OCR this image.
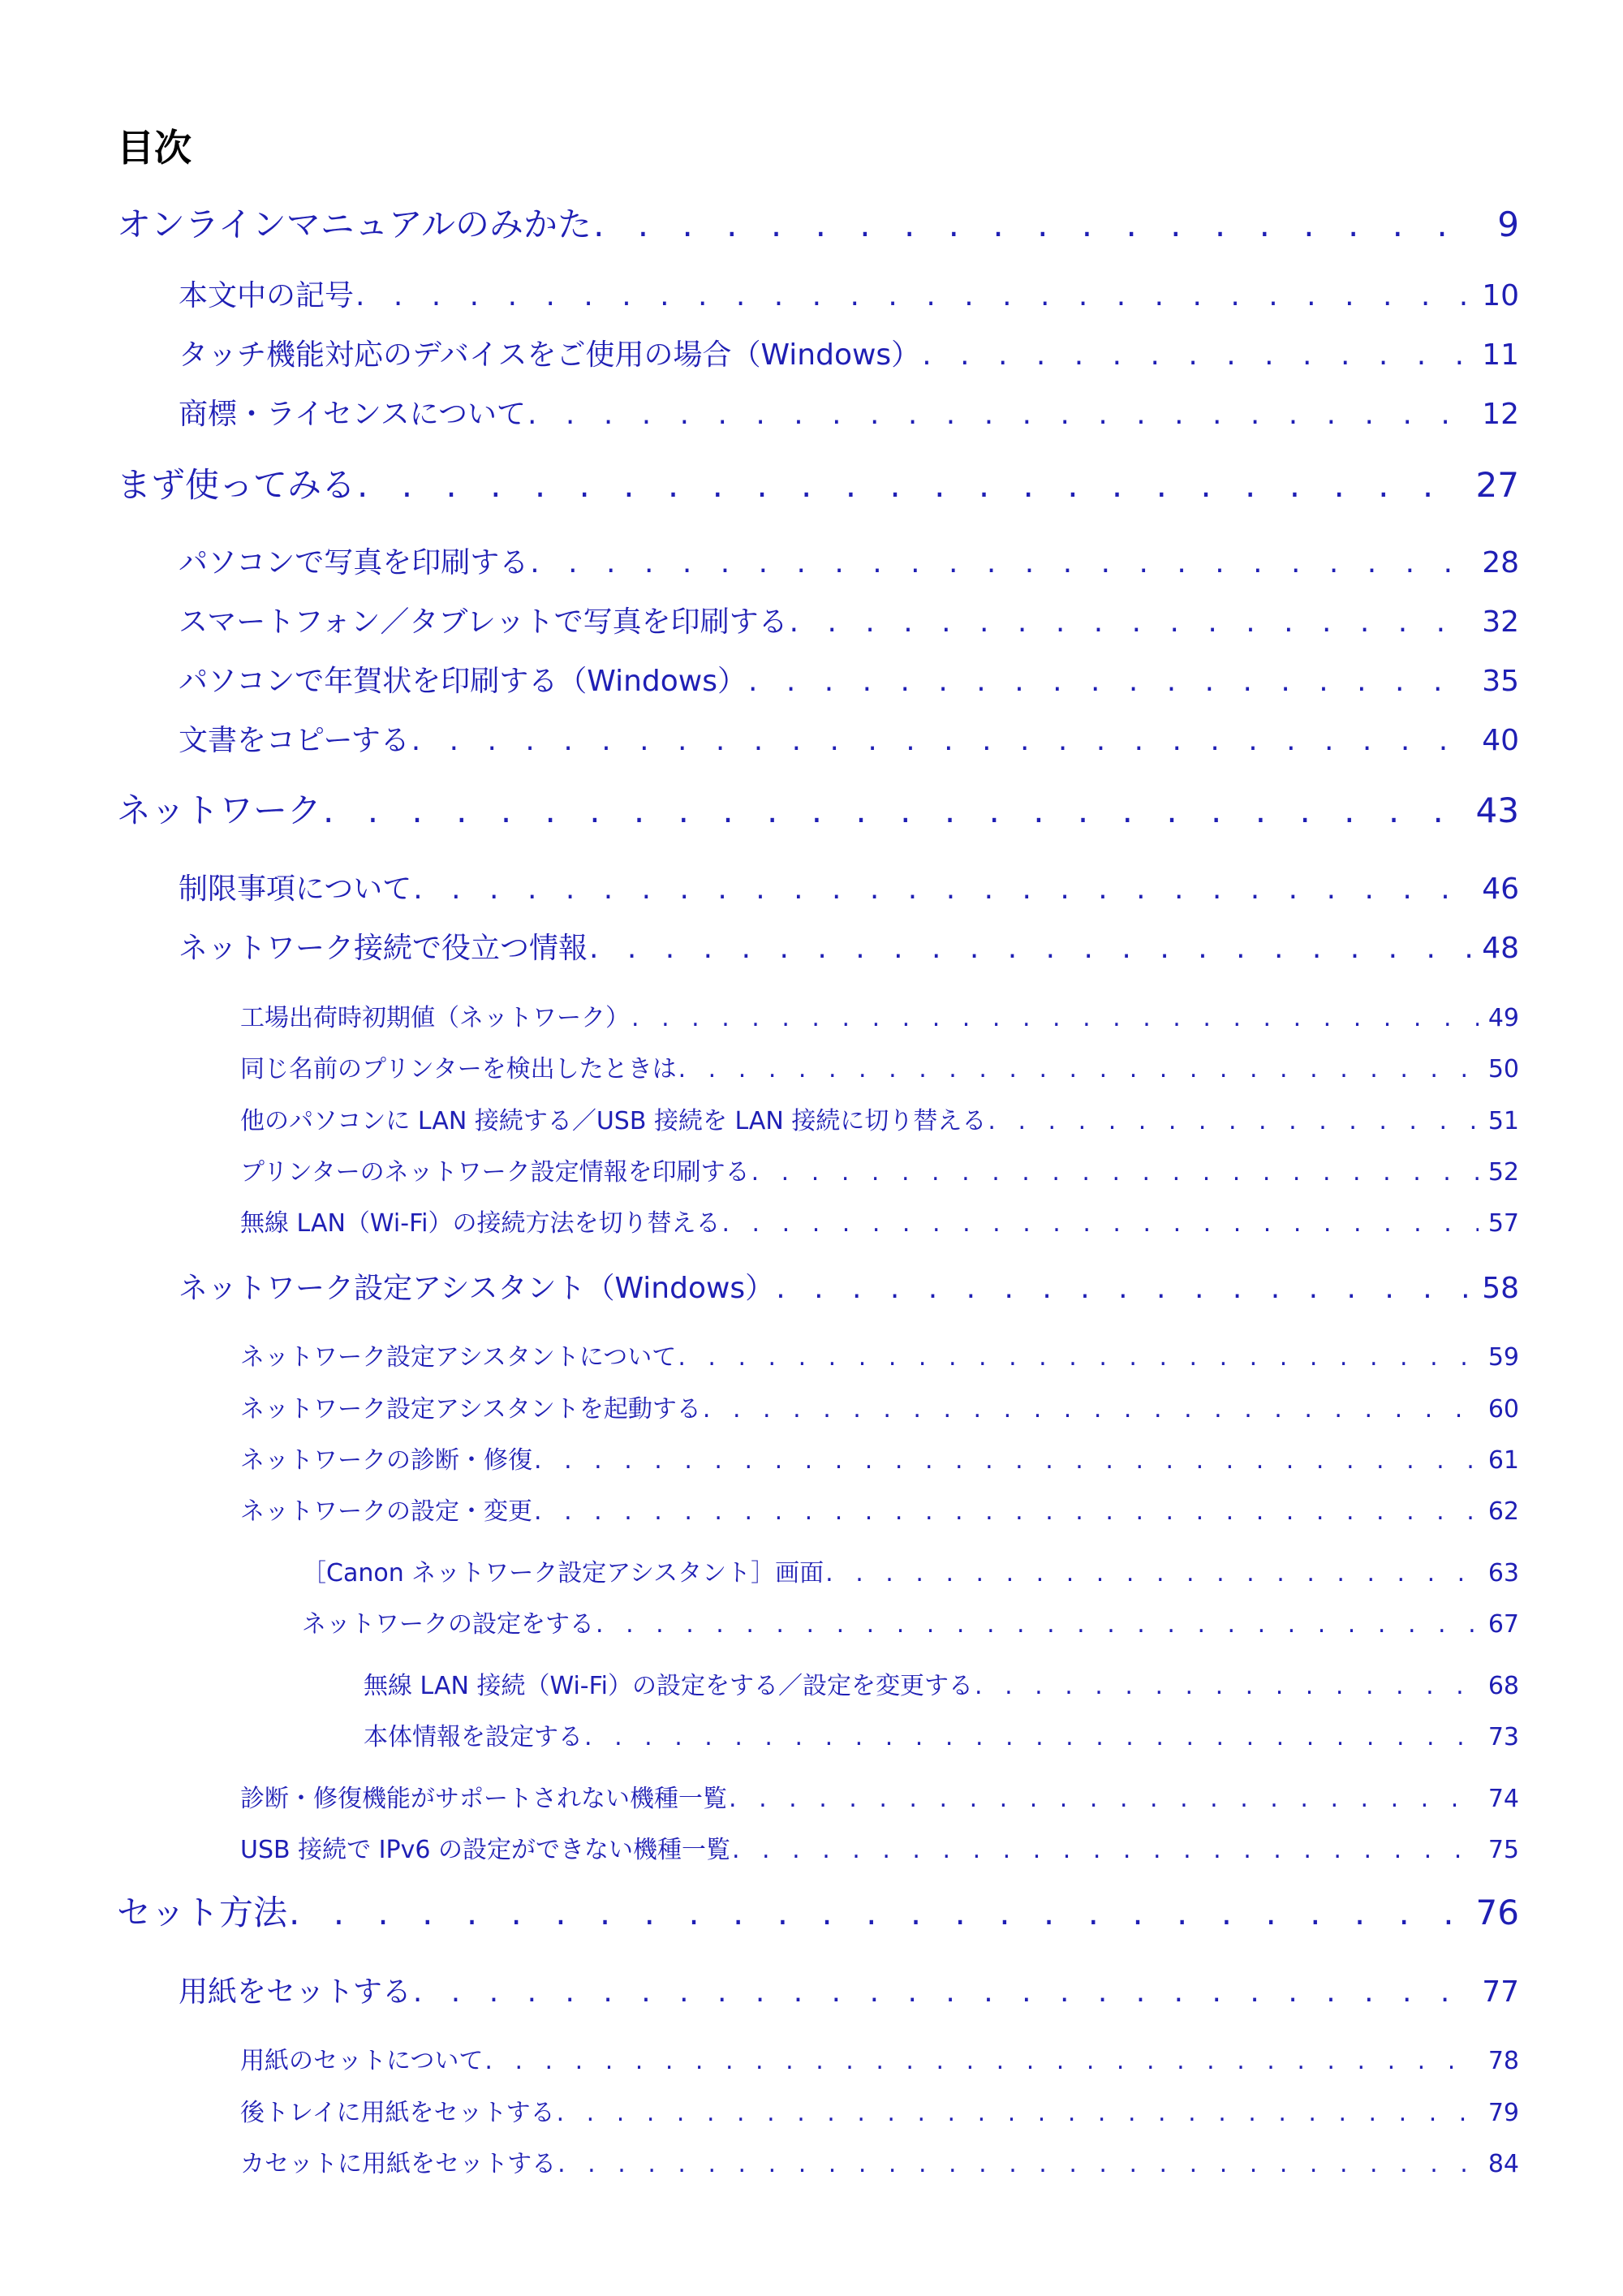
目次
オンラインマニュアルのみかた . . .	9
本文中の記号 . . .	10
タッチ機能対応のデバイスをご使用の場合（Windows） . . .	11
商標・ライセンスについて . . .	12
まず使ってみる . . .	27
パソコンで写真を印刷する . . .	28
スマートフォン／タブレットで写真を印刷する . . .	32
パソコンで年賀状を印刷する（Windows） . . .	35
文書をコピーする . . .	40
ネットワーク . . .	43
制限事項について . . .	46
ネットワーク接続で役立つ情報 . . .	48
工場出荷時初期値（ネットワーク） . . .	49
同じ名前のプリンターを検出したときは . . .	50
他のパソコンに LAN 接続する／USB 接続を LAN 接続に切り替える . . .	51
プリンターのネットワーク設定情報を印刷する . . .	52
無線 LAN（Wi-Fi）の接続方法を切り替える . . .	57
ネットワーク設定アシスタント（Windows） . . .	58
ネットワーク設定アシスタントについて . . .	59
ネットワーク設定アシスタントを起動する . . .	60
ネットワークの診断・修復 . . .	61
ネットワークの設定・変更 . . .	62
［Canon ネットワーク設定アシスタント］画面 . . .	63
ネットワークの設定をする . . .	67
無線 LAN 接続（Wi-Fi）の設定をする／設定を変更する . . .	68
本体情報を設定する . . .	73
診断・修復機能がサポートされない機種一覧 . . .	74
USB 接続で IPv6 の設定ができない機種一覧 . . .	75
セット方法 . . .	76
用紙をセットする . . .	77
用紙のセットについて . . .	78
後トレイに用紙をセットする . . .	79
カセットに用紙をセットする . . .	84
